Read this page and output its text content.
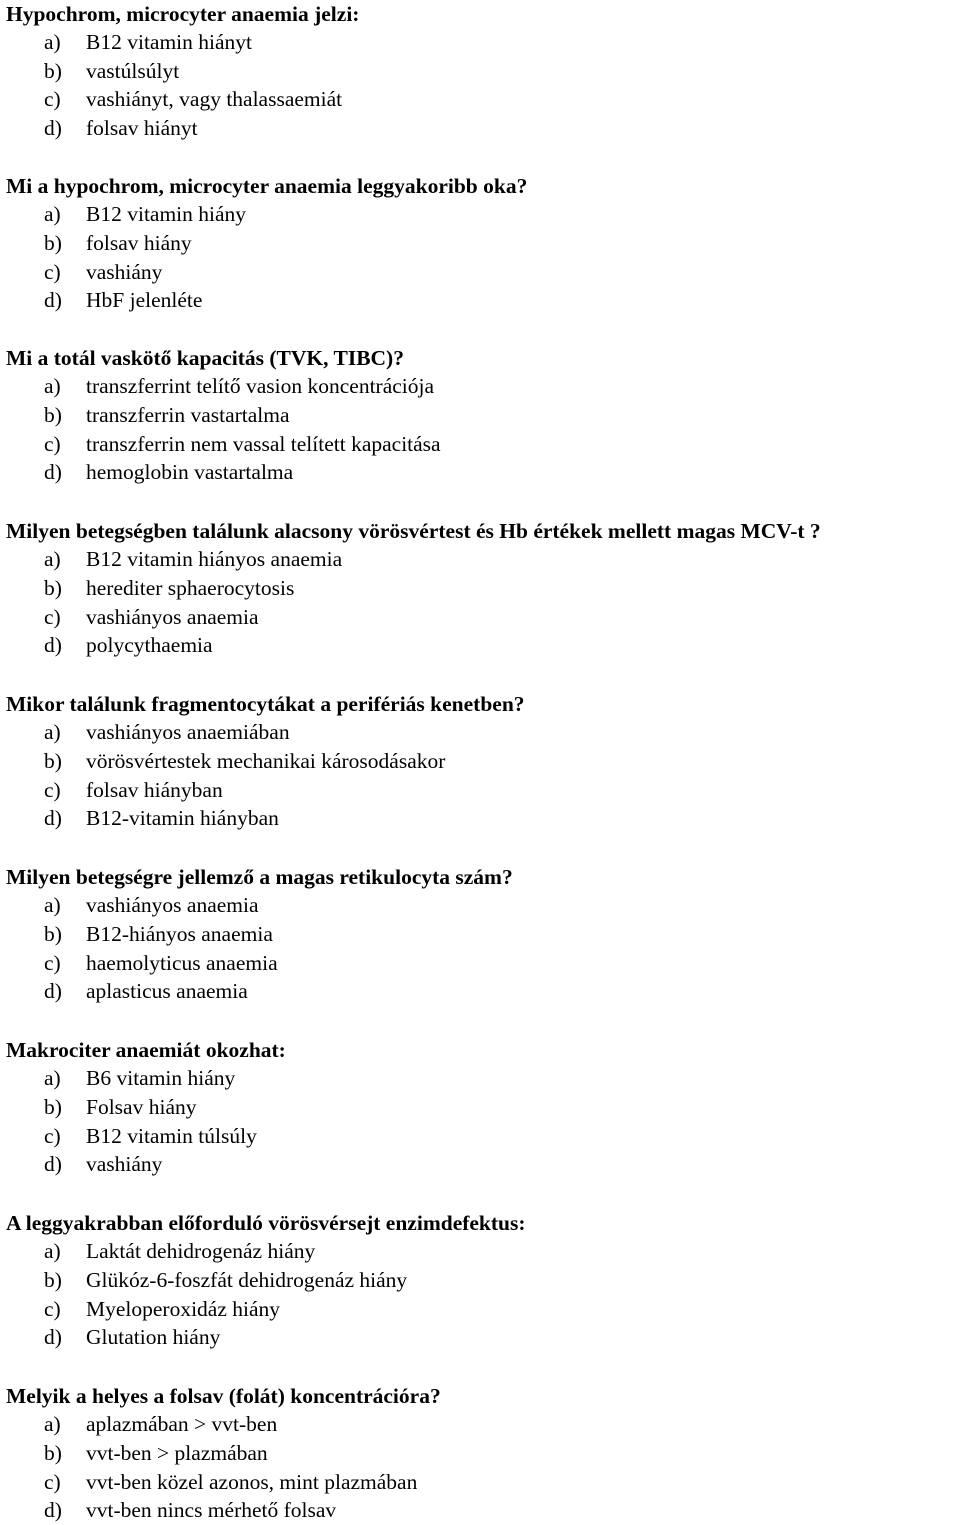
Hypochrom, microcyter anaemia jelzi:
a) B12 vitamin hiányt
b) vastúlsúlyt
c) vashiányt, vagy thalassaemiát
d) folsav hiányt
Mi a hypochrom, microcyter anaemia leggyakoribb oka?
a) B12 vitamin hiány
b) folsav hiány
c) vashiány
d) HbF jelenléte
Mi a totál vaskötő kapacitás (TVK, TIBC)?
a) transzferrint telítő vasion koncentrációja
b) transzferrin vastartalma
c) transzferrin nem vassal telített kapacitása
d) hemoglobin vastartalma
Milyen betegségben találunk alacsony vörösvértest és Hb értékek mellett magas MCV-t ?
a) B12 vitamin hiányos anaemia
b) herediter sphaerocytosis
c) vashiányos anaemia
d) polycythaemia
Mikor találunk fragmentocytákat a perifériás kenetben?
a) vashiányos anaemiában
b) vörösvértestek mechanikai károsodásakor
c) folsav hiányban
d) B12-vitamin hiányban
Milyen betegségre jellemző a magas retikulocyta szám?
a) vashiányos anaemia
b) B12-hiányos anaemia
c) haemolyticus anaemia
d) aplasticus anaemia
Makrociter anaemiát okozhat:
a) B6 vitamin hiány
b) Folsav hiány
c) B12 vitamin túlsúly
d) vashiány
A leggyakrabban előforduló vörösvérsejt enzimdefektus:
a) Laktát dehidrogenáz hiány
b) Glükóz-6-foszfát dehidrogenáz hiány
c) Myeloperoxidáz hiány
d) Glutation hiány
Melyik a helyes a folsav (folát) koncentrációra?
a) aplazmában > vvt-ben
b) vvt-ben > plazmában
c) vvt-ben közel azonos, mint plazmában
d) vvt-ben nincs mérhető folsav
